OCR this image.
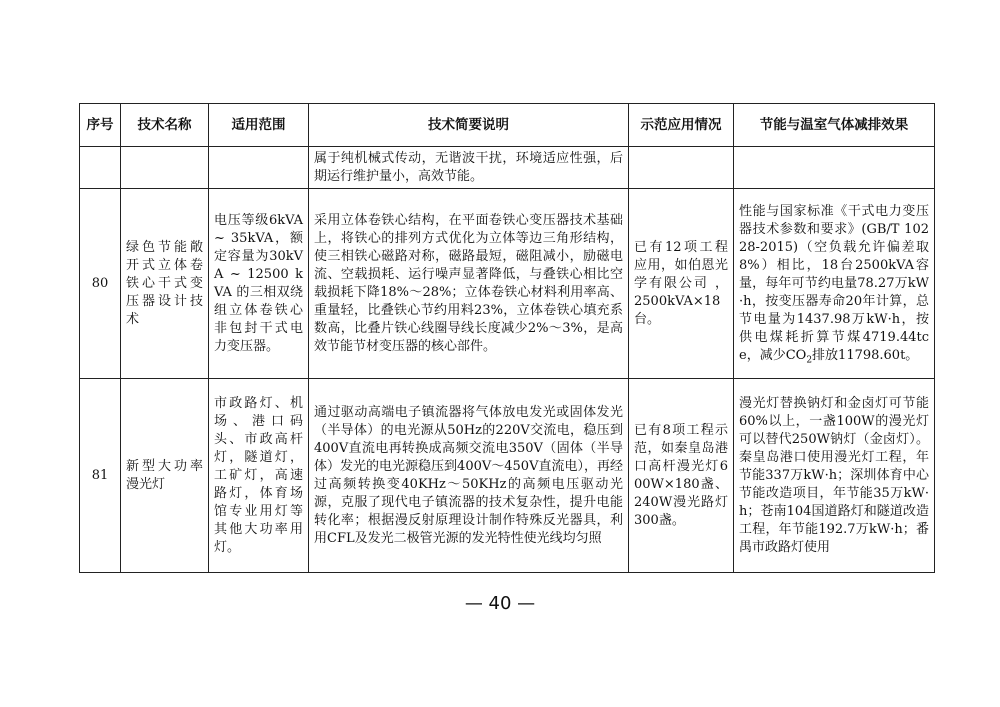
序号	技术名称	适用范围	技术简要说明	示范应用情况	节能与温室气体减排效果
			属于纯机械式传动，无谐波干扰，环境适应性强，后期运行维护量小，高效节能。		
80	绿色节能敞开式立体卷铁心干式变压器设计技术	电压等级6kVA ~ 35kVA，额定容量为30kVA ~ 12500 kVA 的三相双绕组立体卷铁心非包封干式电力变压器。	采用立体卷铁心结构，在平面卷铁心变压器技术基础上，将铁心的排列方式优化为立体等边三角形结构，使三相铁心磁路对称，磁路最短，磁阻减小，励磁电流、空载损耗、运行噪声显著降低，与叠铁心相比空载损耗下降18%～28%；立体卷铁心材料利用率高、重量轻，比叠铁心节约用料23%，立体卷铁心填充系数高，比叠片铁心线圈导线长度减少2%～3%，是高效节能节材变压器的核心部件。	已有12项工程应用，如伯恩光学有限公司 ， 2500kVA×18台。	性能与国家标准《干式电力变压器技术参数和要求》(GB/T 10228-2015)（空负载允许偏差取8%）相比，18台2500kVA容量，每年可节约电量78.27万kW·h，按变压器寿命20年计算，总节电量为1437.98万kW·h，按供电煤耗折算节煤4719.44tce，减少$CO_2$排放11798.60t。
81	新型大功率漫光灯	市政路灯、机场、港口码头、市政高杆灯，隧道灯，工矿灯，高速路灯，体育场馆专业用灯等其他大功率用灯。	通过驱动高端电子镇流器将气体放电发光或固体发光（半导体）的电光源从50Hz的220V交流电，稳压到400V直流电再转换成高频交流电350V（固体（半导体）发光的电光源稳压到400V～450V直流电），再经过高频转换变40KHz～50KHz的高频电压驱动光源，克服了现代电子镇流器的技术复杂性，提升电能转化率；根据漫反射原理设计制作特殊反光器具，利用CFL及发光二极管光源的发光特性使光线均匀照	已有8项工程示范，如秦皇岛港口高杆漫光灯600W×180盏、240W漫光路灯300盏。	漫光灯替换钠灯和金卤灯可节能60%以上，一盏100W的漫光灯可以替代250W钠灯（金卤灯）。秦皇岛港口使用漫光灯工程，年节能337万kW·h；深圳体育中心节能改造项目，年节能35万kW·h；苍南104国道路灯和隧道改造工程，年节能192.7万kW·h；番禺市政路灯使用
— 40 —
